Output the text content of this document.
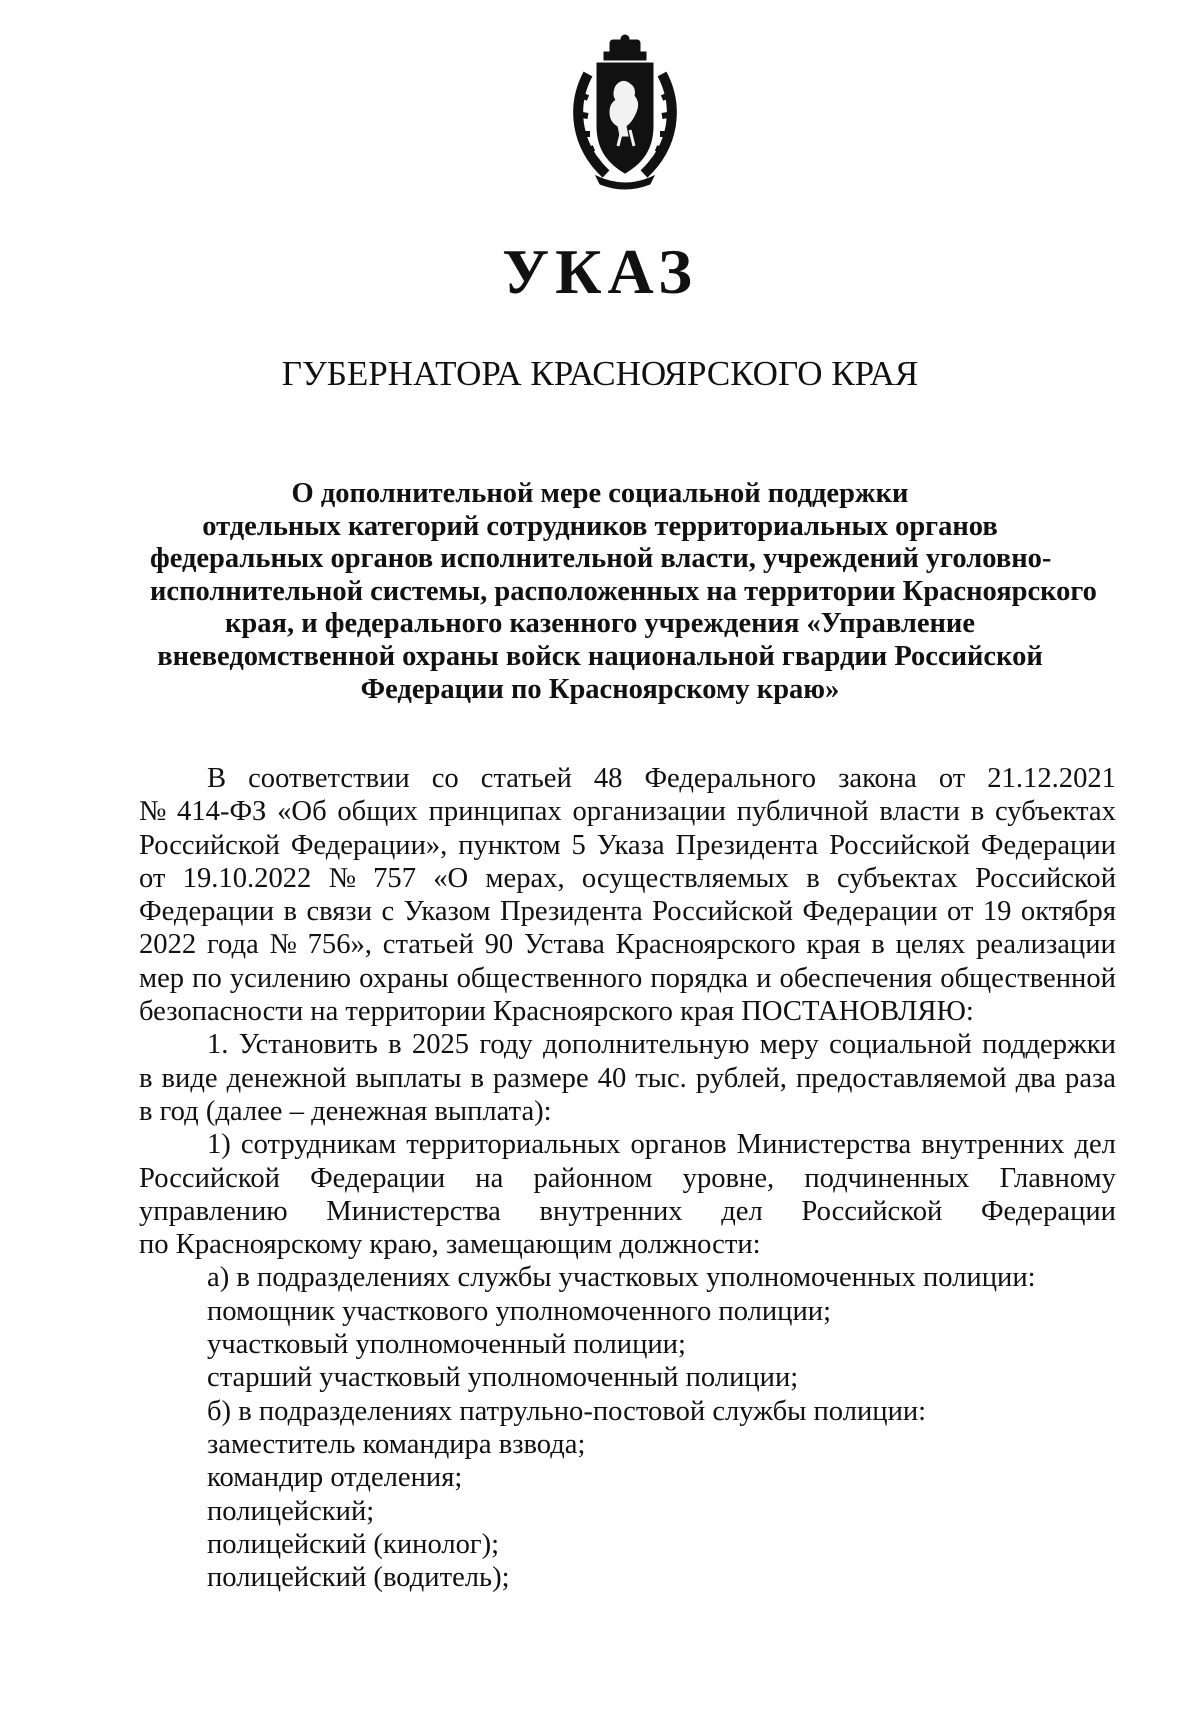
УКАЗ
ГУБЕРНАТОРА КРАСНОЯРСКОГО КРАЯ
О дополнительной мере социальной поддержки
отдельных категорий сотрудников территориальных органов
федеральных органов исполнительной власти, учреждений уголовно-
исполнительной системы, расположенных на территории Красноярского
края, и федерального казенного учреждения «Управление
вневедомственной охраны войск национальной гвардии Российской
Федерации по Красноярскому краю»
В соответствии со статьей 48 Федерального закона от 21.12.2021
№ 414-ФЗ «Об общих принципах организации публичной власти в субъектах
Российской Федерации», пунктом 5 Указа Президента Российской Федерации
от 19.10.2022 № 757 «О мерах, осуществляемых в субъектах Российской
Федерации в связи с Указом Президента Российской Федерации от 19 октября
2022 года № 756», статьей 90 Устава Красноярского края в целях реализации
мер по усилению охраны общественного порядка и обеспечения общественной
безопасности на территории Красноярского края ПОСТАНОВЛЯЮ:
1. Установить в 2025 году дополнительную меру социальной поддержки
в виде денежной выплаты в размере 40 тыс. рублей, предоставляемой два раза
в год (далее – денежная выплата):
1) сотрудникам территориальных органов Министерства внутренних дел
Российской Федерации на районном уровне, подчиненных Главному
управлению Министерства внутренних дел Российской Федерации
по Красноярскому краю, замещающим должности:
а) в подразделениях службы участковых уполномоченных полиции:
помощник участкового уполномоченного полиции;
участковый уполномоченный полиции;
старший участковый уполномоченный полиции;
б) в подразделениях патрульно-постовой службы полиции:
заместитель командира взвода;
командир отделения;
полицейский;
полицейский (кинолог);
полицейский (водитель);
